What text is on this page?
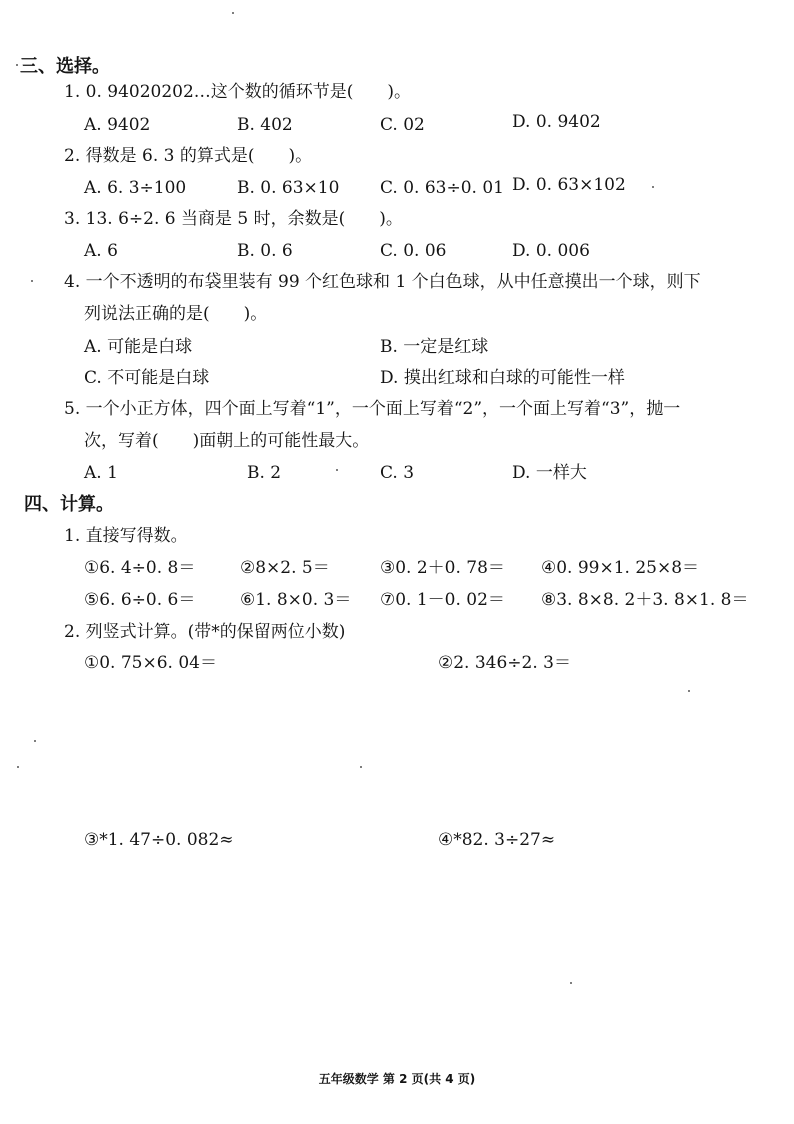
三、选择。
1. 0. 94020202…这个数的循环节是(　　)。
A. 9402	B. 402	C. 02	D. 0. 9402
2. 得数是 6. 3 的算式是(　　)。
A. 6. 3÷100	B. 0. 63×10 C. 0. 63÷0. 01 D. 0. 63×102
3. 13. 6÷2. 6 当商是 5 时，余数是(　　)。
A. 6	B. 0. 6	C. 0. 06	D. 0. 006
4. 一个不透明的布袋里装有 99 个红色球和 1 个白色球，从中任意摸出一个球，则下
列说法正确的是(　　)。
A. 可能是白球	B. 一定是红球
C. 不可能是白球	D. 摸出红球和白球的可能性一样
5. 一个小正方体，四个面上写着“1”，一个面上写着“2”，一个面上写着“3”，抛一
次，写着(　　)面朝上的可能性最大。
A. 1	B. 2	C. 3	D. 一样大
四、计算。
1. 直接写得数。
①6. 4÷0. 8＝	②8×2. 5＝	③0. 2＋0. 78＝ ④0. 99×1. 25×8＝
⑤6. 6÷0. 6＝	⑥1. 8×0. 3＝ ⑦0. 1－0. 02＝ ⑧3. 8×8. 2＋3. 8×1. 8＝
2. 列竖式计算。(带*的保留两位小数)
①0. 75×6. 04＝	②2. 346÷2. 3＝
③*1. 47÷0. 082≈	④*82. 3÷27≈
五年级数学 第 2 页(共 4 页)
